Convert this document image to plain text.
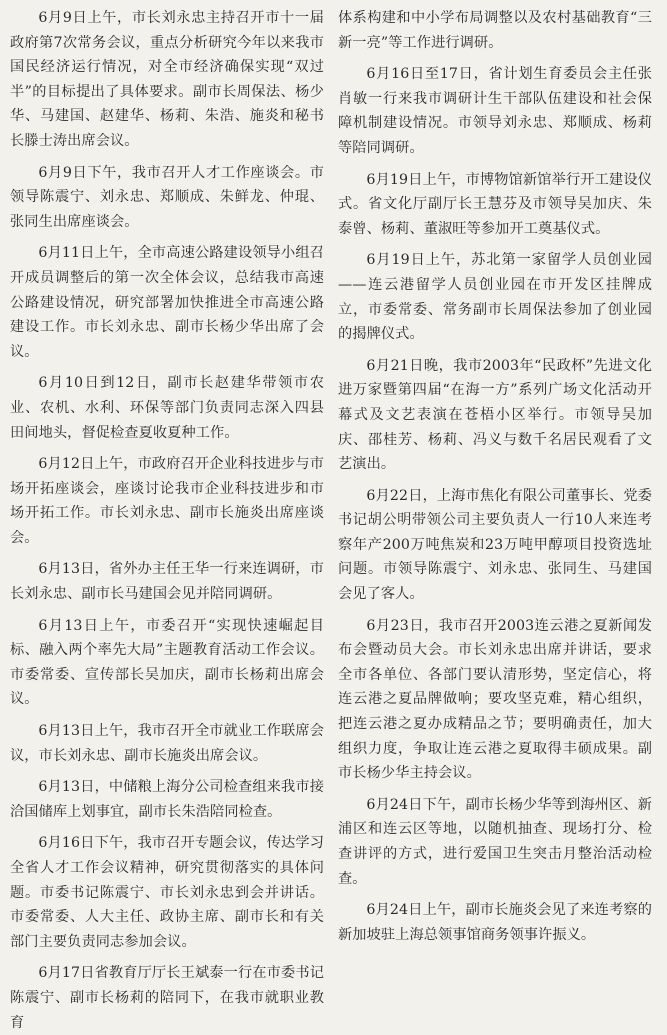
6月9日上午，市长刘永忠主持召开市十一届政府第7次常务会议，重点分析研究今年以来我市国民经济运行情况，对全市经济确保实现“双过半”的目标提出了具体要求。副市长周保法、杨少华、马建国、赵建华、杨莉、朱浩、施炎和秘书长滕士涛出席会议。

6月9日下午，我市召开人才工作座谈会。市领导陈震宁、刘永忠、郑顺成、朱鲜龙、仲琨、张同生出席座谈会。

6月11日上午，全市高速公路建设领导小组召开成员调整后的第一次全体会议，总结我市高速公路建设情况，研究部署加快推进全市高速公路建设工作。市长刘永忠、副市长杨少华出席了会议。

6月10日到12日，副市长赵建华带领市农业、农机、水利、环保等部门负责同志深入四县田间地头，督促检查夏收夏种工作。

6月12日上午，市政府召开企业科技进步与市场开拓座谈会，座谈讨论我市企业科技进步和市场开拓工作。市长刘永忠、副市长施炎出席座谈会。

6月13日，省外办主任王华一行来连调研，市长刘永忠、副市长马建国会见并陪同调研。

6月13日上午，市委召开“实现快速崛起目标、融入两个率先大局”主题教育活动工作会议。市委常委、宣传部长吴加庆，副市长杨莉出席会议。

6月13日上午，我市召开全市就业工作联席会议，市长刘永忠、副市长施炎出席会议。

6月13日，中储粮上海分公司检查组来我市接洽国储库上划事宜，副市长朱浩陪同检查。

6月16日下午，我市召开专题会议，传达学习全省人才工作会议精神，研究贯彻落实的具体问题。市委书记陈震宁、市长刘永忠到会并讲话。市委常委、人大主任、政协主席、副市长和有关部门主要负责同志参加会议。

6月17日省教育厅厅长王斌泰一行在市委书记陈震宁、副市长杨莉的陪同下，在我市就职业教育

体系构建和中小学布局调整以及农村基础教育“三新一亮”等工作进行调研。

6月16日至17日，省计划生育委员会主任张肖敏一行来我市调研计生干部队伍建设和社会保障机制建设情况。市领导刘永忠、郑顺成、杨莉等陪同调研。

6月19日上午，市博物馆新馆举行开工建设仪式。省文化厅副厅长王慧芬及市领导吴加庆、朱泰曾、杨莉、董淑旺等参加开工奠基仪式。

6月19日上午，苏北第一家留学人员创业园——连云港留学人员创业园在市开发区挂牌成立，市委常委、常务副市长周保法参加了创业园的揭牌仪式。

6月21日晚，我市2003年“民政杯”先进文化进万家暨第四届“在海一方”系列广场文化活动开幕式及文艺表演在苍梧小区举行。市领导吴加庆、邵桂芳、杨莉、冯义与数千名居民观看了文艺演出。

6月22日，上海市焦化有限公司董事长、党委书记胡公明带领公司主要负责人一行10人来连考察年产200万吨焦炭和23万吨甲醇项目投资选址问题。市领导陈震宁、刘永忠、张同生、马建国会见了客人。

6月23日，我市召开2003连云港之夏新闻发布会暨动员大会。市长刘永忠出席并讲话，要求全市各单位、各部门要认清形势，坚定信心，将连云港之夏品牌做响；要攻坚克难，精心组织，把连云港之夏办成精品之节；要明确责任，加大组织力度，争取让连云港之夏取得丰硕成果。副市长杨少华主持会议。

6月24日下午，副市长杨少华等到海州区、新浦区和连云区等地，以随机抽查、现场打分、检查讲评的方式，进行爱国卫生突击月整治活动检查。

6月24日上午，副市长施炎会见了来连考察的新加坡驻上海总领事馆商务领事许振义。
